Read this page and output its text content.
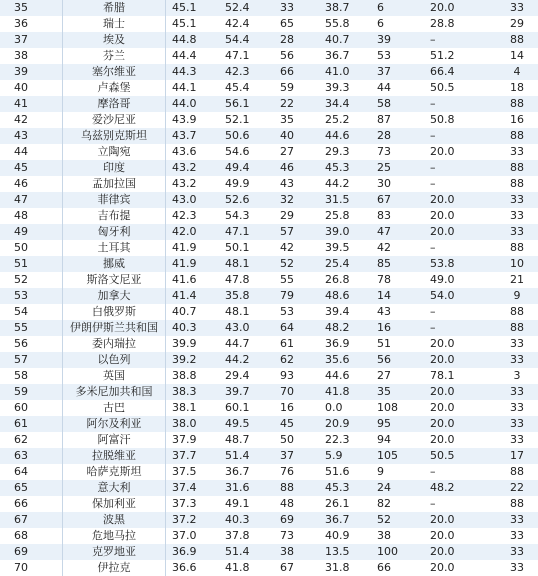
35	希腊	45.1	52.4	33	38.7	6	20.0	33
36	瑞士	45.1	42.4	65	55.8	6	28.8	29
37	埃及	44.8	54.4	28	40.7	39	–	88
38	芬兰	44.4	47.1	56	36.7	53	51.2	14
39	塞尔维亚	44.3	42.3	66	41.0	37	66.4	4
40	卢森堡	44.1	45.4	59	39.3	44	50.5	18
41	摩洛哥	44.0	56.1	22	34.4	58	–	88
42	爱沙尼亚	43.9	52.1	35	25.2	87	50.8	16
43	乌兹别克斯坦	43.7	50.6	40	44.6	28	–	88
44	立陶宛	43.6	54.6	27	29.3	73	20.0	33
45	印度	43.2	49.4	46	45.3	25	–	88
46	孟加拉国	43.2	49.9	43	44.2	30	–	88
47	菲律宾	43.0	52.6	32	31.5	67	20.0	33
48	吉布提	42.3	54.3	29	25.8	83	20.0	33
49	匈牙利	42.0	47.1	57	39.0	47	20.0	33
50	土耳其	41.9	50.1	42	39.5	42	–	88
51	挪威	41.9	48.1	52	25.4	85	53.8	10
52	斯洛文尼亚	41.6	47.8	55	26.8	78	49.0	21
53	加拿大	41.4	35.8	79	48.6	14	54.0	9
54	白俄罗斯	40.7	48.1	53	39.4	43	–	88
55	伊朗伊斯兰共和国	40.3	43.0	64	48.2	16	–	88
56	委内瑞拉	39.9	44.7	61	36.9	51	20.0	33
57	以色列	39.2	44.2	62	35.6	56	20.0	33
58	英国	38.8	29.4	93	44.6	27	78.1	3
59	多米尼加共和国	38.3	39.7	70	41.8	35	20.0	33
60	古巴	38.1	60.1	16	0.0	108	20.0	33
61	阿尔及利亚	38.0	49.5	45	20.9	95	20.0	33
62	阿富汗	37.9	48.7	50	22.3	94	20.0	33
63	拉脱维亚	37.7	51.4	37	5.9	105	50.5	17
64	哈萨克斯坦	37.5	36.7	76	51.6	9	–	88
65	意大利	37.4	31.6	88	45.3	24	48.2	22
66	保加利亚	37.3	49.1	48	26.1	82	–	88
67	波黑	37.2	40.3	69	36.7	52	20.0	33
68	危地马拉	37.0	37.8	73	40.9	38	20.0	33
69	克罗地亚	36.9	51.4	38	13.5	100	20.0	33
70	伊拉克	36.6	41.8	67	31.8	66	20.0	33
